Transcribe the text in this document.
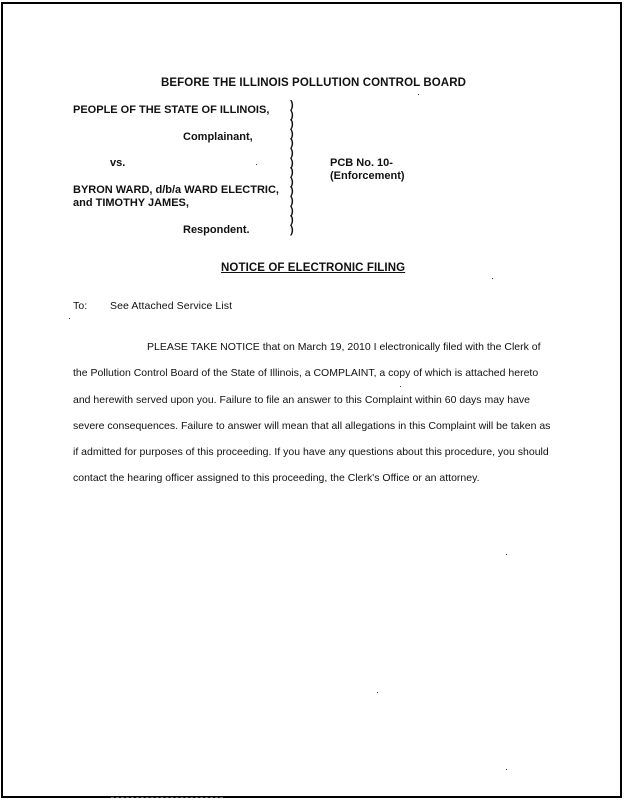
BEFORE THE ILLINOIS POLLUTION CONTROL BOARD
PEOPLE OF THE STATE OF ILLINOIS,
Complainant,
vs.
BYRON WARD, d/b/a WARD ELECTRIC,
and TIMOTHY JAMES,
Respondent.
)
)
)
)
)
)
)
)
)
)
)
)
)
)
PCB No. 10-
(Enforcement)
NOTICE OF ELECTRONIC FILING
To: See Attached Service List
PLEASE TAKE NOTICE that on March 19, 2010 I electronically filed with the Clerk of the Pollution Control Board of the State of Illinois, a COMPLAINT, a copy of which is attached hereto and herewith served upon you. Failure to file an answer to this Complaint within 60 days may have severe consequences. Failure to answer will mean that all allegations in this Complaint will be taken as if admitted for purposes of this proceeding. If you have any questions about this procedure, you should contact the hearing officer assigned to this proceeding, the Clerk's Office or an attorney.
